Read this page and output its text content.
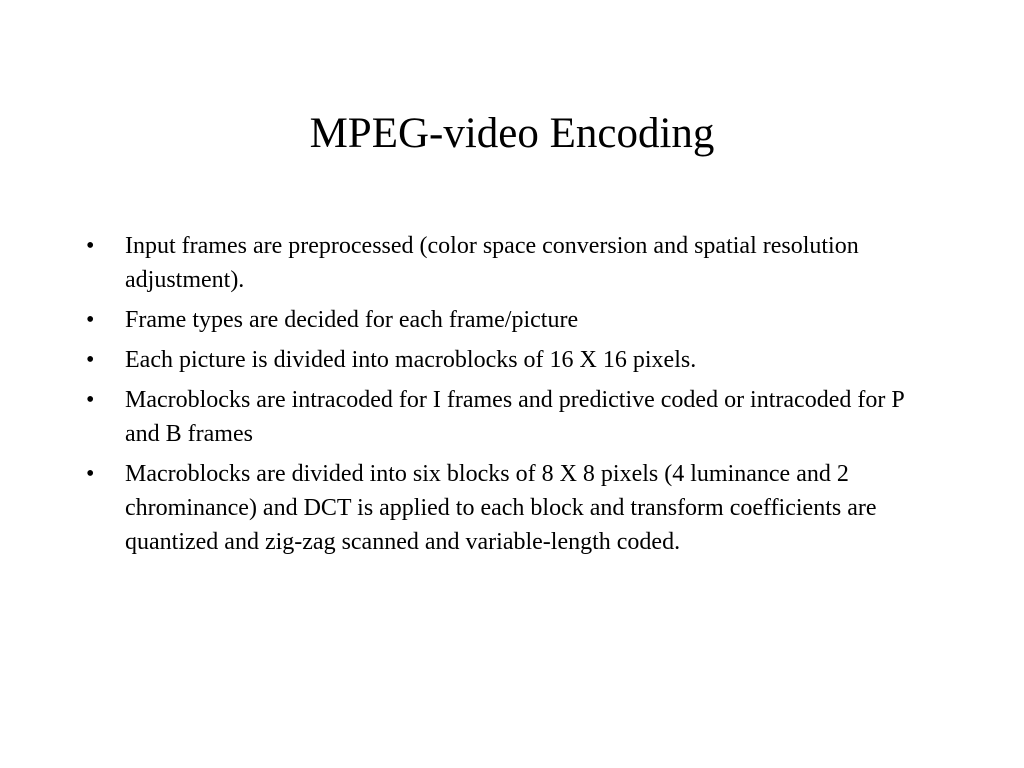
MPEG-video Encoding
•	Input frames are preprocessed (color space conversion and spatial resolution adjustment).
•	Frame types are decided for each frame/picture
•	Each picture is divided into macroblocks of 16 X 16 pixels.
•	Macroblocks are intracoded for I frames and predictive coded or intracoded for P and B frames
•	Macroblocks are divided into six blocks of 8 X 8 pixels (4 luminance and 2 chrominance) and DCT is applied to each block and transform coefficients are quantized and zig-zag scanned and variable-length coded.
